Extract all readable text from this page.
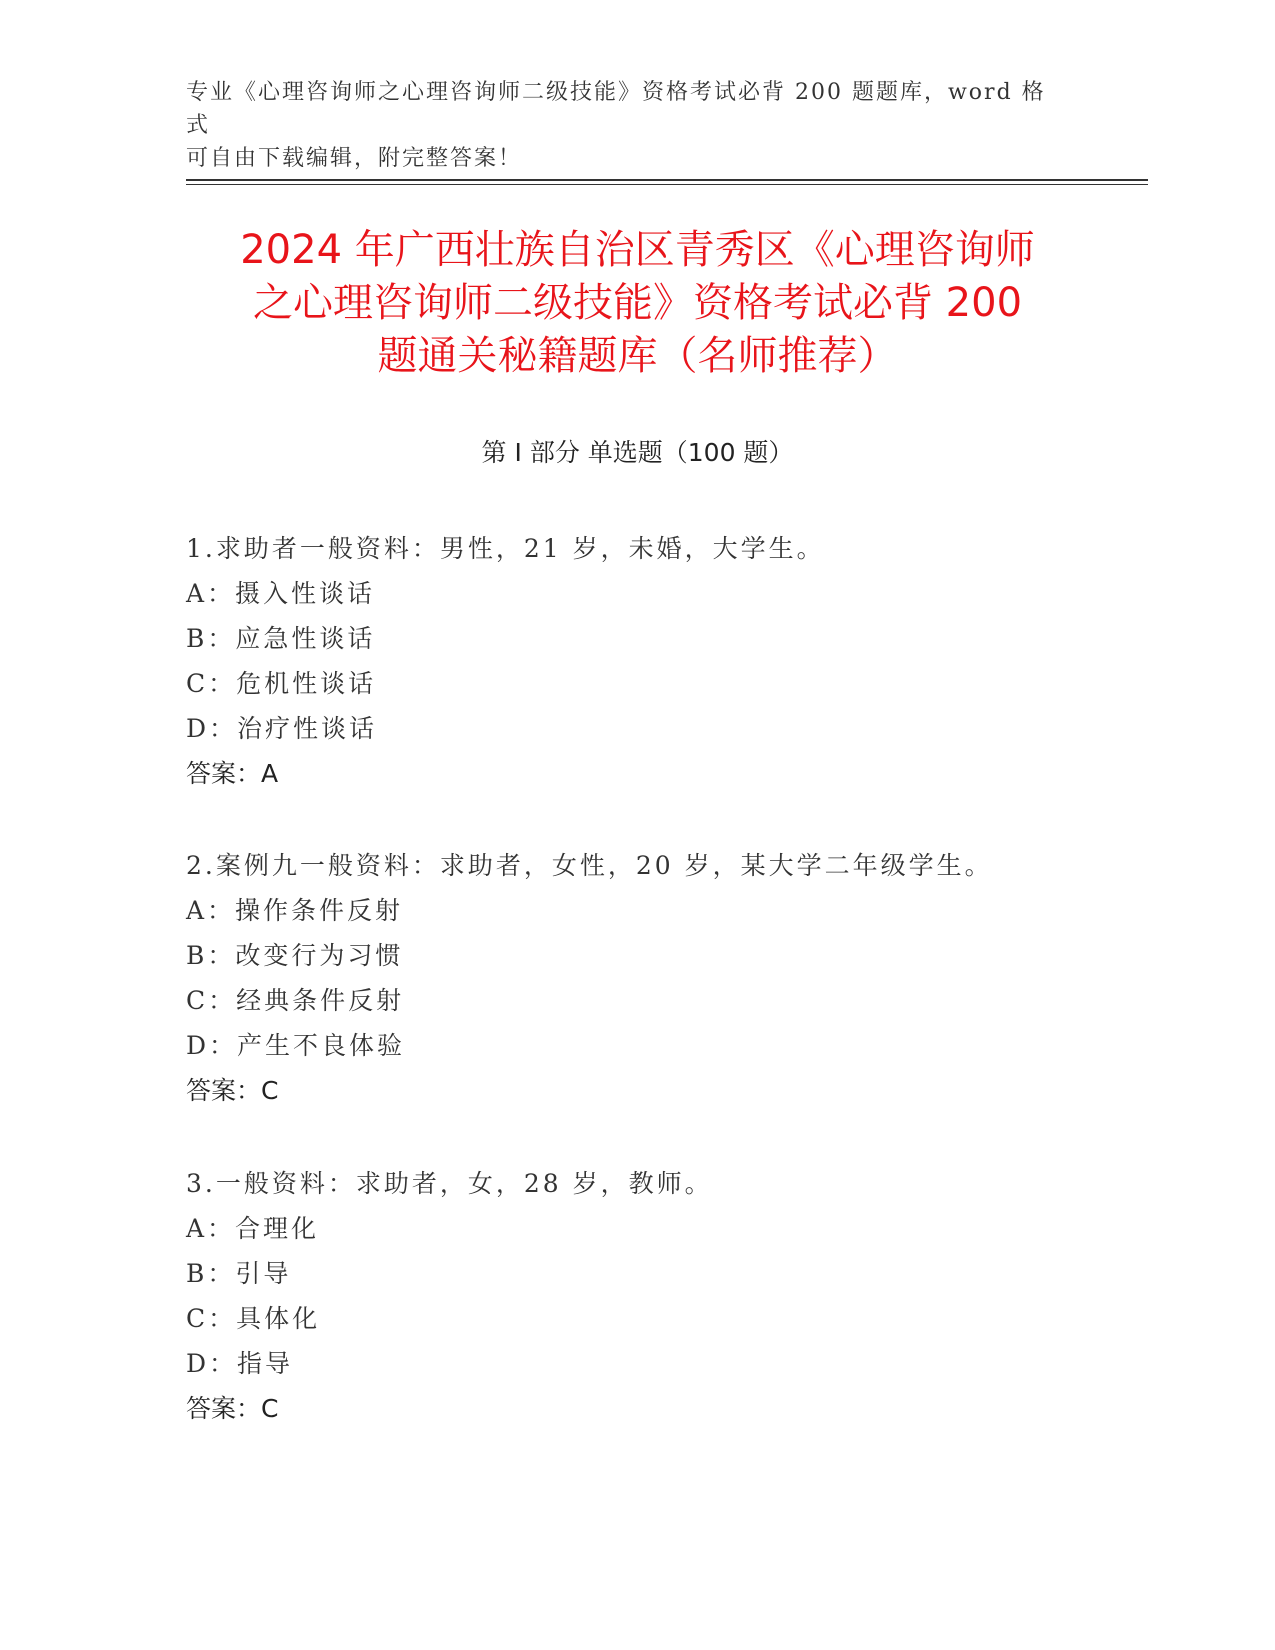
专业《心理咨询师之心理咨询师二级技能》资格考试必背 200 题题库，word 格式
可自由下载编辑，附完整答案！
2024 年广西壮族自治区青秀区《心理咨询师
之心理咨询师二级技能》资格考试必背 200
题通关秘籍题库（名师推荐）
第 I 部分 单选题（100 题）
1.求助者一般资料：男性，21 岁，未婚，大学生。
A：摄入性谈话
B：应急性谈话
C：危机性谈话
D：治疗性谈话
答案：A
2.案例九一般资料：求助者，女性，20 岁，某大学二年级学生。
A：操作条件反射
B：改变行为习惯
C：经典条件反射
D：产生不良体验
答案：C
3.一般资料：求助者，女，28 岁，教师。
A：合理化
B：引导
C：具体化
D：指导
答案：C
